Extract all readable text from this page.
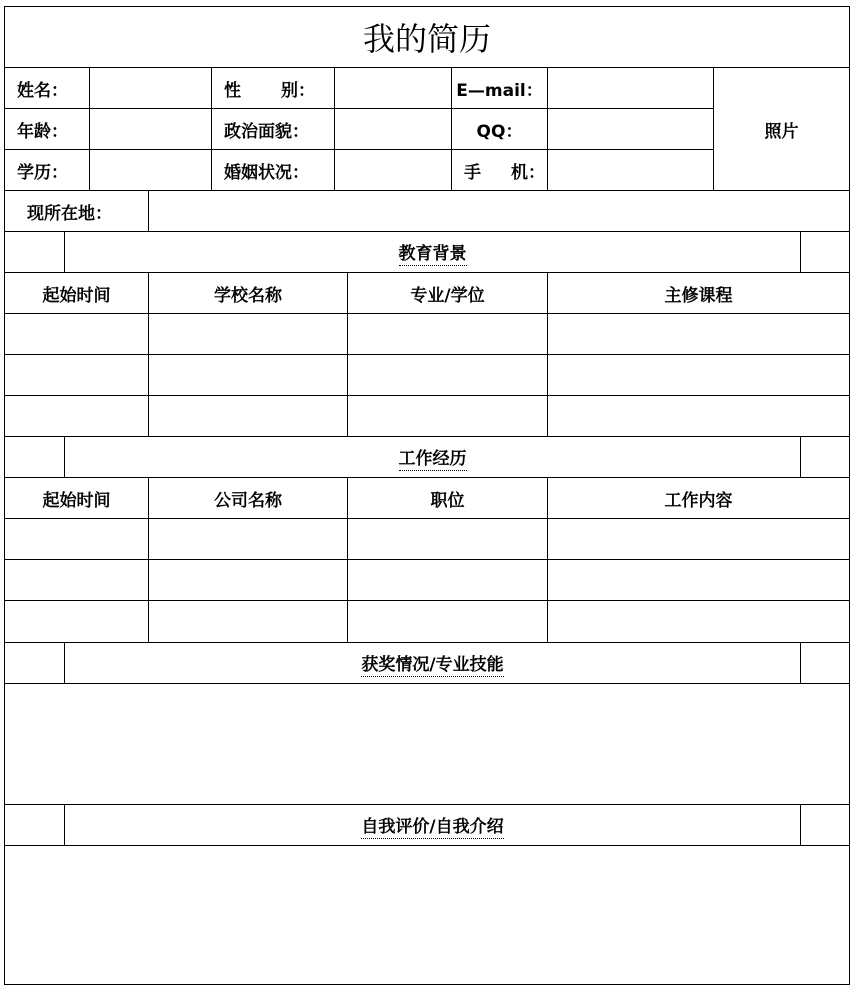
我的简历
姓名：	性 别：	E—mail：
照片
年龄：	政治面貌：	QQ：
学历：	婚姻状况：	手 机：
现所在地：
教育背景
起始时间	学校名称	专业/学位	主修课程
工作经历
起始时间	公司名称	职位	工作内容
获奖情况/专业技能
自我评价/自我介绍
